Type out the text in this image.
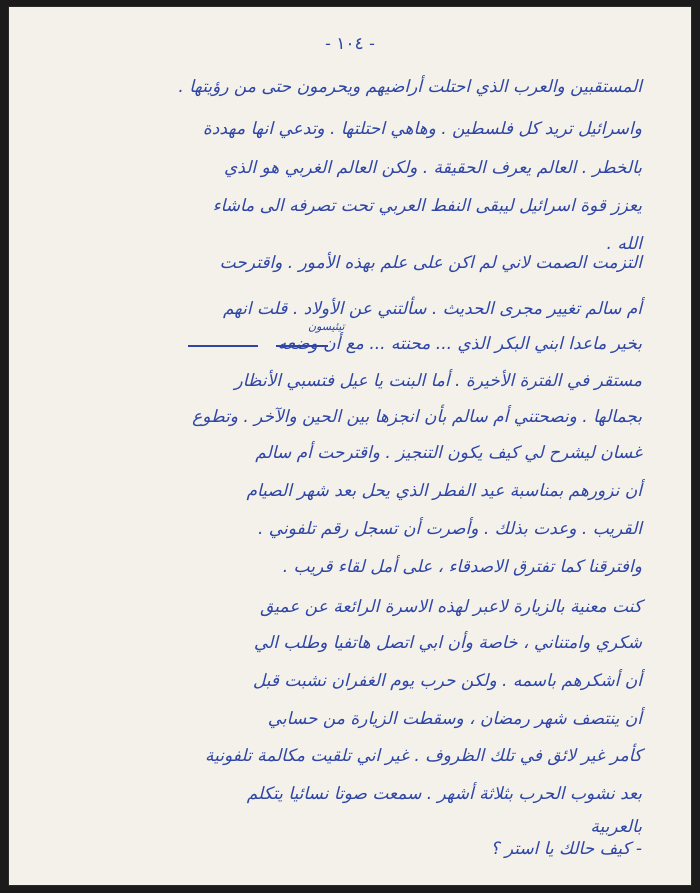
- ١٠٤ -
المستقبين والعرب الذي احتلت أراضيهم ويحرمون حتى من رؤيتها .
واسرائيل تريد كل فلسطين . وهاهي احتلتها . وتدعي انها مهددة
بالخطر . العالم يعرف الحقيقة . ولكن العالم الغربي هو الذي
يعزز قوة اسرائيل ليبقى النفط العربي تحت تصرفه الى ماشاء
الله .
التزمت الصمت لاني لم اكن على علم بهذه الأمور . واقترحت
أم سالم تغيير مجرى الحديث . سألتني عن الأولاد . قلت انهم
بخير ماعدا ابني البكر الذي ... محنته ... مع أن وضعه
مستقر في الفترة الأخيرة . أما البنت يا عيل فتسبي الأنظار
بجمالها . ونصحتني أم سالم بأن انجزها بين الحين والآخر . وتطوع
غسان ليشرح لي كيف يكون التنجيز . واقترحت أم سالم
أن نزورهم بمناسبة عيد الفطر الذي يحل بعد شهر الصيام
القريب . وعدت بذلك . وأصرت أن تسجل رقم تلفوني .
وافترقنا كما تفترق الاصدقاء ، على أمل لقاء قريب .
كنت معنية بالزيارة لاعبر لهذه الاسرة الرائعة عن عميق
شكري وامتناني ، خاصة وأن ابي اتصل هاتفيا وطلب الي
أن أشكرهم باسمه . ولكن حرب يوم الغفران نشبت قبل
أن ينتصف شهر رمضان ، وسقطت الزيارة من حسابي
كأمر غير لائق في تلك الظروف . غير اني تلقيت مكالمة تلفونية
بعد نشوب الحرب بثلاثة أشهر . سمعت صوتا نسائيا يتكلم
بالعربية
- كيف حالك يا استر ؟
تيئيسون
